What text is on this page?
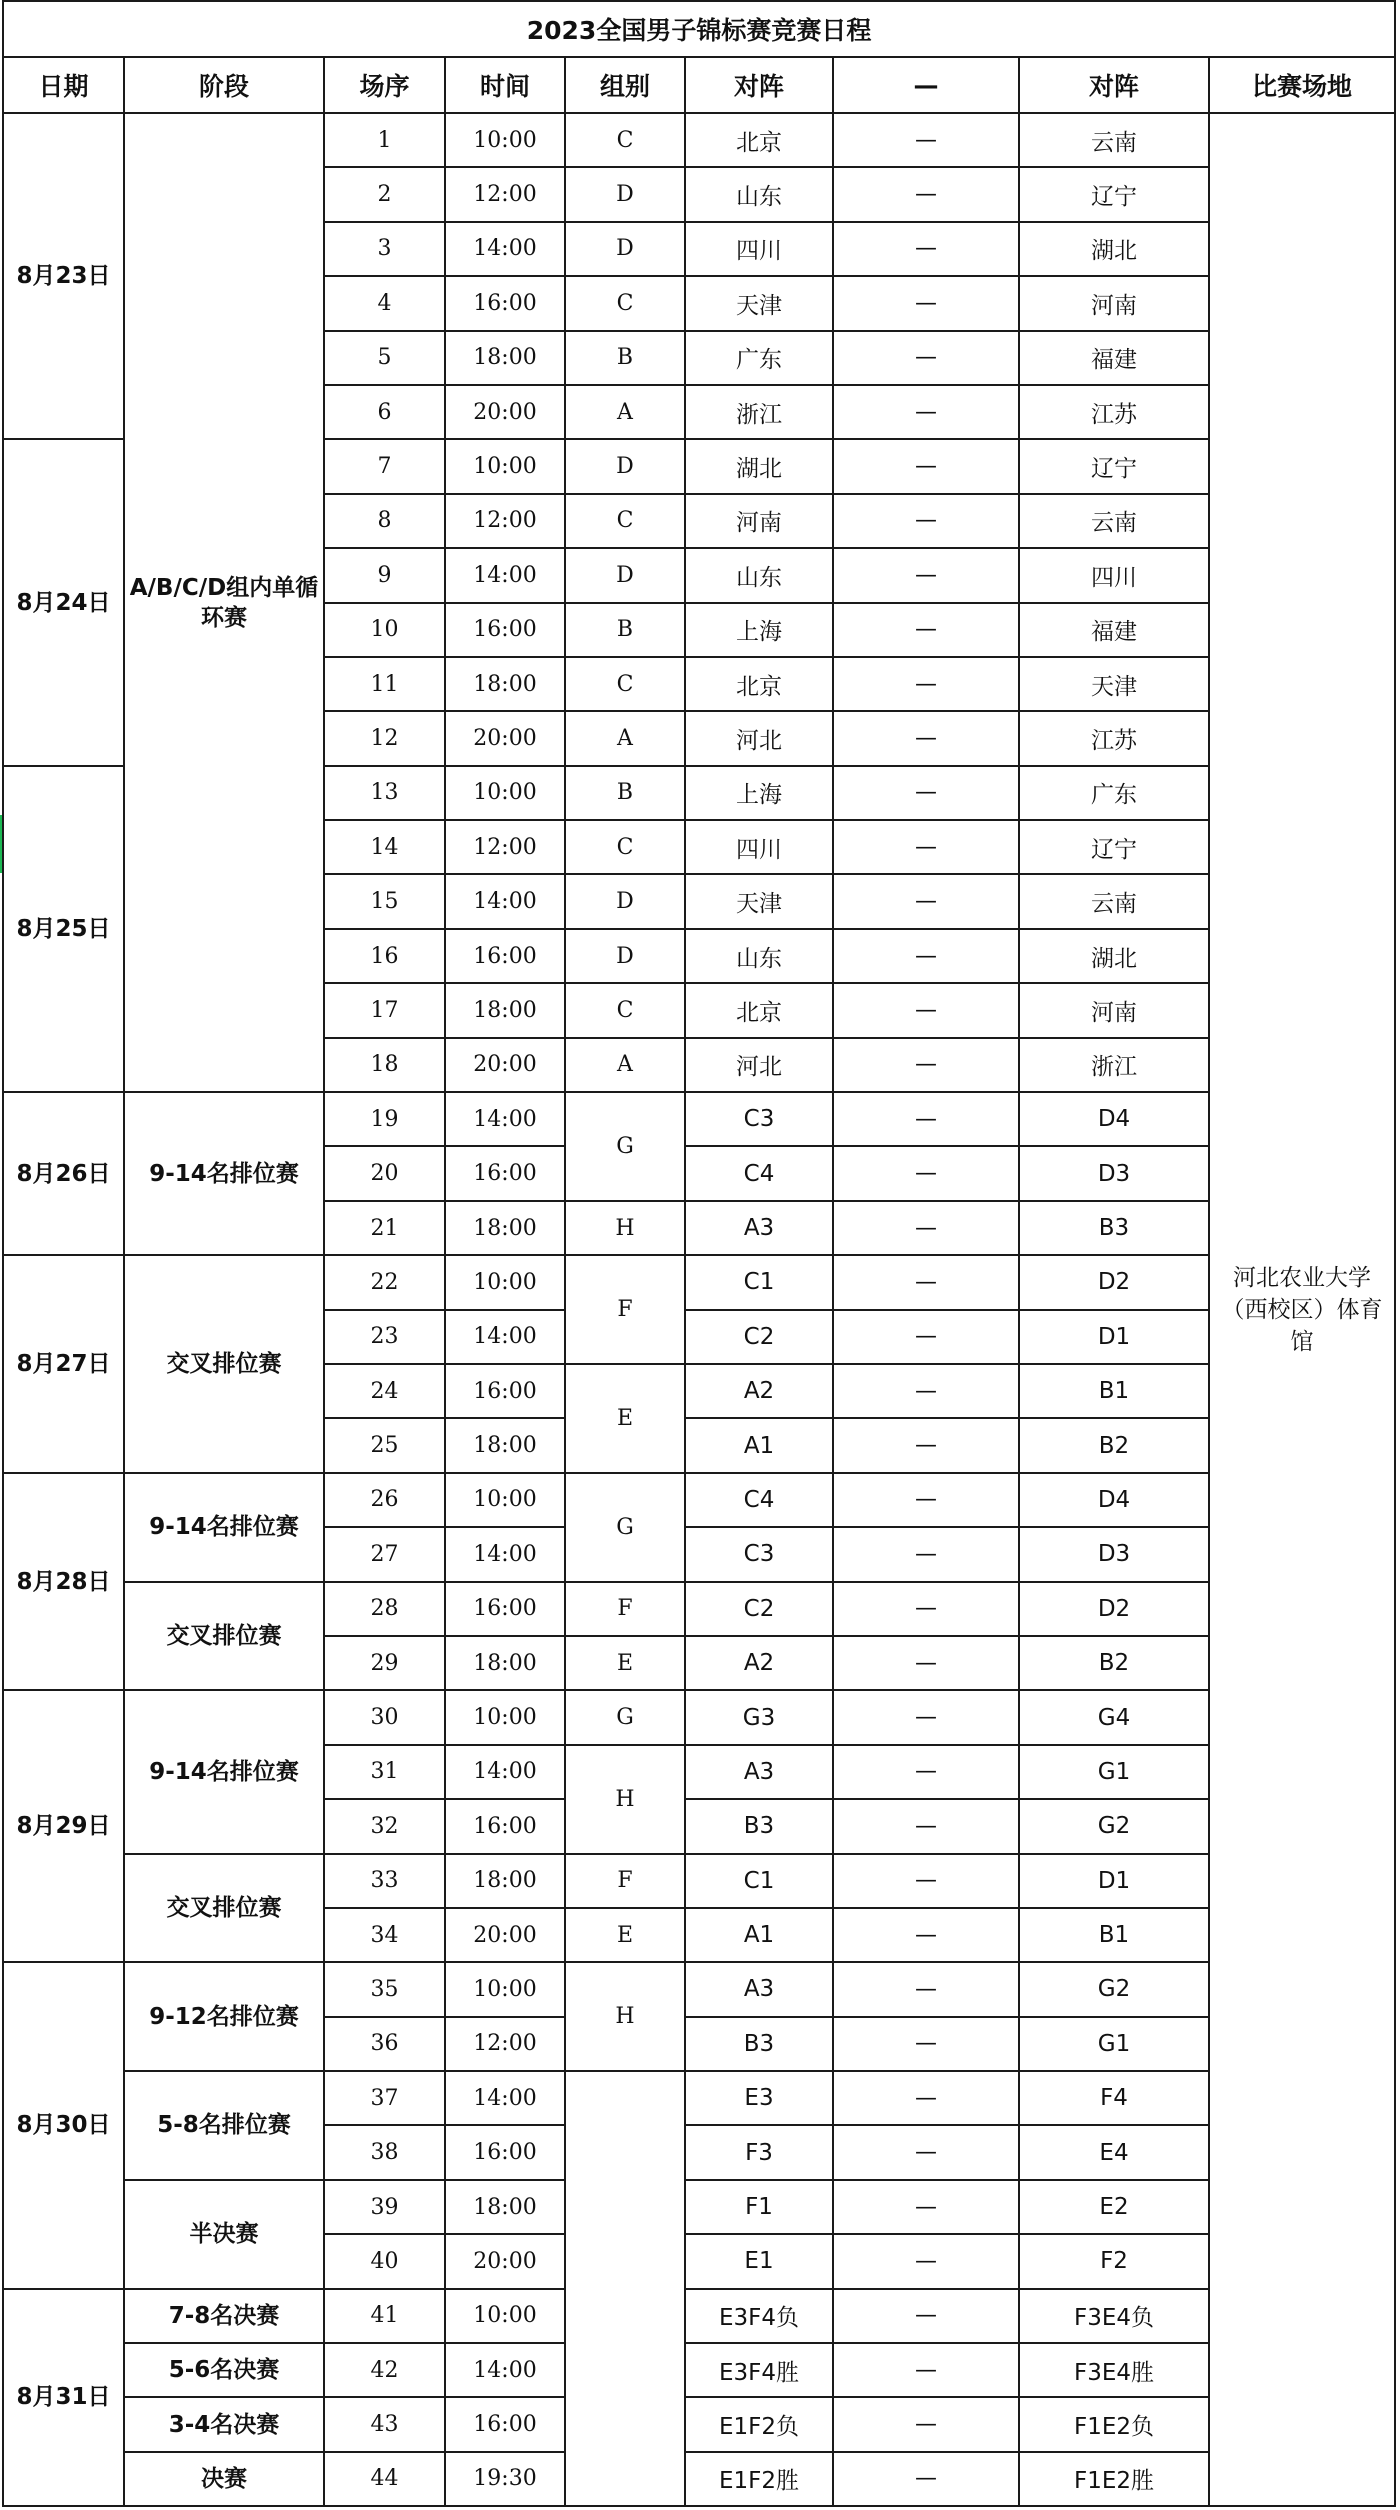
2023全国男子锦标赛竞赛日程								
日期	阶段	场序	时间	组别	对阵	—	对阵	比赛场地
8月23日	A/B/C/D组内单循环赛	1	10:00	C	北京	—	云南	河北农业大学（西校区）体育馆
		2	12:00	D	山东	—	辽宁	
		3	14:00	D	四川	—	湖北	
		4	16:00	C	天津	—	河南	
		5	18:00	B	广东	—	福建	
		6	20:00	A	浙江	—	江苏	
8月24日		7	10:00	D	湖北	—	辽宁	
		8	12:00	C	河南	—	云南	
		9	14:00	D	山东	—	四川	
		10	16:00	B	上海	—	福建	
		11	18:00	C	北京	—	天津	
		12	20:00	A	河北	—	江苏	
8月25日		13	10:00	B	上海	—	广东	
		14	12:00	C	四川	—	辽宁	
		15	14:00	D	天津	—	云南	
		16	16:00	D	山东	—	湖北	
		17	18:00	C	北京	—	河南	
		18	20:00	A	河北	—	浙江	
8月26日	9-14名排位赛	19	14:00	G	C3	—	D4	
		20	16:00		C4	—	D3	
		21	18:00	H	A3	—	B3	
8月27日	交叉排位赛	22	10:00	F	C1	—	D2	
		23	14:00		C2	—	D1	
		24	16:00	E	A2	—	B1	
		25	18:00		A1	—	B2	
8月28日	9-14名排位赛	26	10:00	G	C4	—	D4	
		27	14:00		C3	—	D3	
	交叉排位赛	28	16:00	F	C2	—	D2	
		29	18:00	E	A2	—	B2	
8月29日	9-14名排位赛	30	10:00	G	G3	—	G4	
		31	14:00	H	A3	—	G1	
		32	16:00		B3	—	G2	
	交叉排位赛	33	18:00	F	C1	—	D1	
		34	20:00	E	A1	—	B1	
8月30日	9-12名排位赛	35	10:00	H	A3	—	G2	
		36	12:00		B3	—	G1	
	5-8名排位赛	37	14:00		E3	—	F4	
		38	16:00		F3	—	E4	
	半决赛	39	18:00		F1	—	E2	
		40	20:00		E1	—	F2	
8月31日	7-8名决赛	41	10:00		E3F4负	—	F3E4负	
	5-6名决赛	42	14:00		E3F4胜	—	F3E4胜	
	3-4名决赛	43	16:00		E1F2负	—	F1E2负	
	决赛	44	19:30		E1F2胜	—	F1E2胜	
